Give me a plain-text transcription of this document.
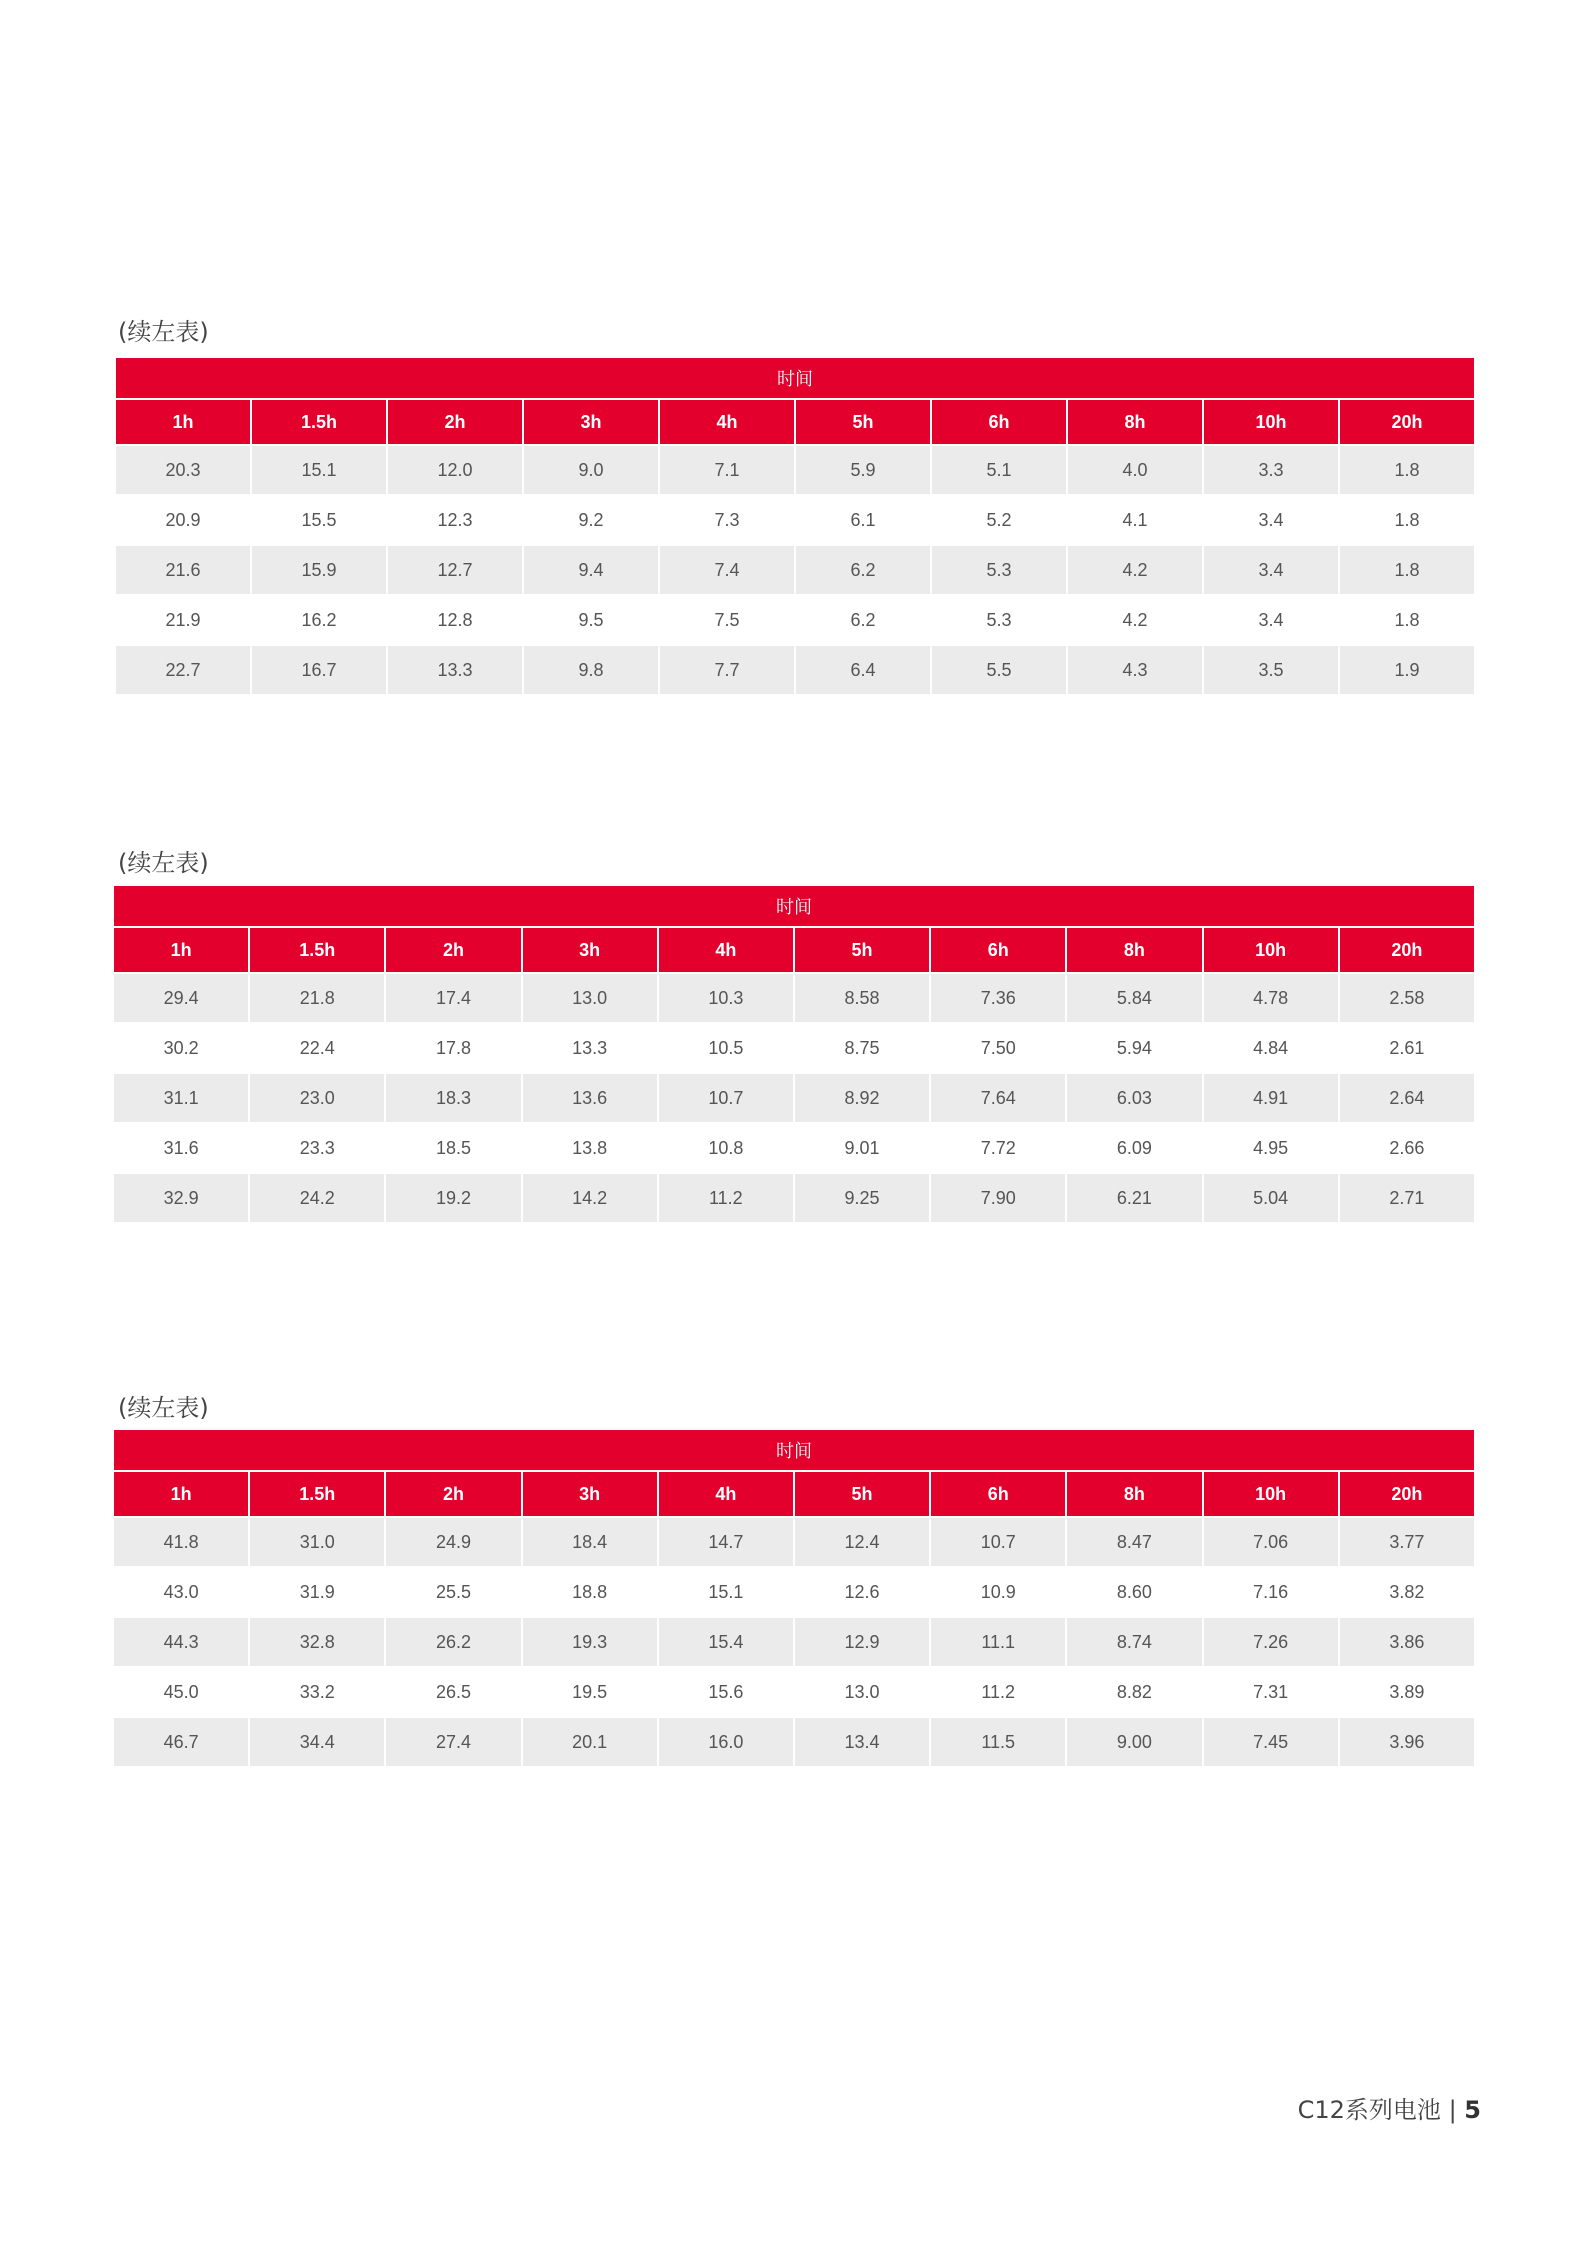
(续左表)
时间									
1h	1.5h	2h	3h	4h	5h	6h	8h	10h	20h
20.3	15.1	12.0	9.0	7.1	5.9	5.1	4.0	3.3	1.8
20.9	15.5	12.3	9.2	7.3	6.1	5.2	4.1	3.4	1.8
21.6	15.9	12.7	9.4	7.4	6.2	5.3	4.2	3.4	1.8
21.9	16.2	12.8	9.5	7.5	6.2	5.3	4.2	3.4	1.8
22.7	16.7	13.3	9.8	7.7	6.4	5.5	4.3	3.5	1.9
(续左表)
时间									
1h	1.5h	2h	3h	4h	5h	6h	8h	10h	20h
29.4	21.8	17.4	13.0	10.3	8.58	7.36	5.84	4.78	2.58
30.2	22.4	17.8	13.3	10.5	8.75	7.50	5.94	4.84	2.61
31.1	23.0	18.3	13.6	10.7	8.92	7.64	6.03	4.91	2.64
31.6	23.3	18.5	13.8	10.8	9.01	7.72	6.09	4.95	2.66
32.9	24.2	19.2	14.2	11.2	9.25	7.90	6.21	5.04	2.71
(续左表)
时间									
1h	1.5h	2h	3h	4h	5h	6h	8h	10h	20h
41.8	31.0	24.9	18.4	14.7	12.4	10.7	8.47	7.06	3.77
43.0	31.9	25.5	18.8	15.1	12.6	10.9	8.60	7.16	3.82
44.3	32.8	26.2	19.3	15.4	12.9	11.1	8.74	7.26	3.86
45.0	33.2	26.5	19.5	15.6	13.0	11.2	8.82	7.31	3.89
46.7	34.4	27.4	20.1	16.0	13.4	11.5	9.00	7.45	3.96
C12系列电池 | 5
